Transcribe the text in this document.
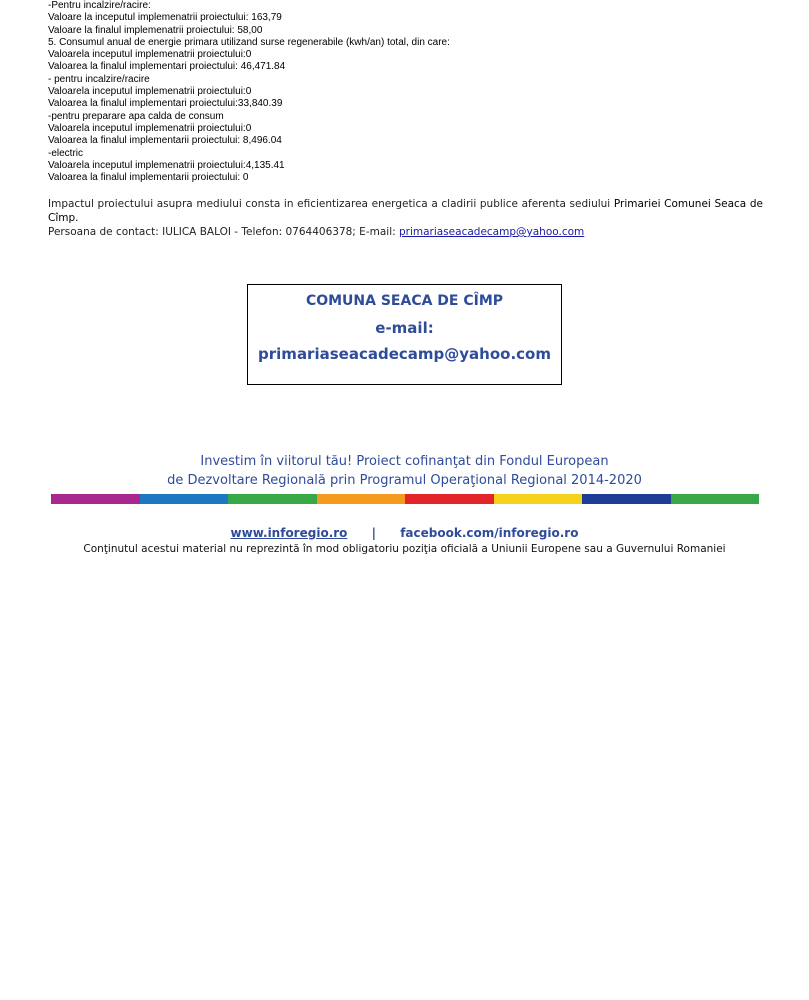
-Pentru incalzire/racire:
Valoare la inceputul implemenatrii proiectului: 163,79
Valoare la finalul implemenatrii proiectului: 58,00
5. Consumul anual de energie primara utilizand surse regenerabile (kwh/an) total, din care:
Valoarela inceputul implemenatrii proiectului:0
Valoarea la finalul implementari proiectului: 46,471.84
- pentru incalzire/racire
Valoarela inceputul implemenatrii proiectului:0
Valoarea la finalul implementari proiectului:33,840.39
-pentru preparare apa calda de consum
Valoarela inceputul implemenatrii proiectului:0
Valoarea la finalul implementarii proiectului: 8,496.04
-electric
Valoarela inceputul implemenatrii proiectului:4,135.41
Valoarea la finalul implementarii proiectului: 0
Impactul proiectului asupra mediului consta in eficientizarea energetica a cladirii publice aferenta sediului Primariei Comunei Seaca de Cîmp.
Persoana de contact: IULICA BALOI - Telefon: 0764406378; E-mail: primariaseacadecamp@yahoo.com
COMUNA SEACA DE CÎMP
e-mail:
primariaseacadecamp@yahoo.com
Investim în viitorul tău! Proiect cofinanţat din Fondul European
de Dezvoltare Regională prin Programul Operaţional Regional 2014-2020
www.inforegio.ro | facebook.com/inforegio.ro
Conţinutul acestui material nu reprezintă în mod obligatoriu poziţia oficială a Uniunii Europene sau a Guvernului Romaniei
